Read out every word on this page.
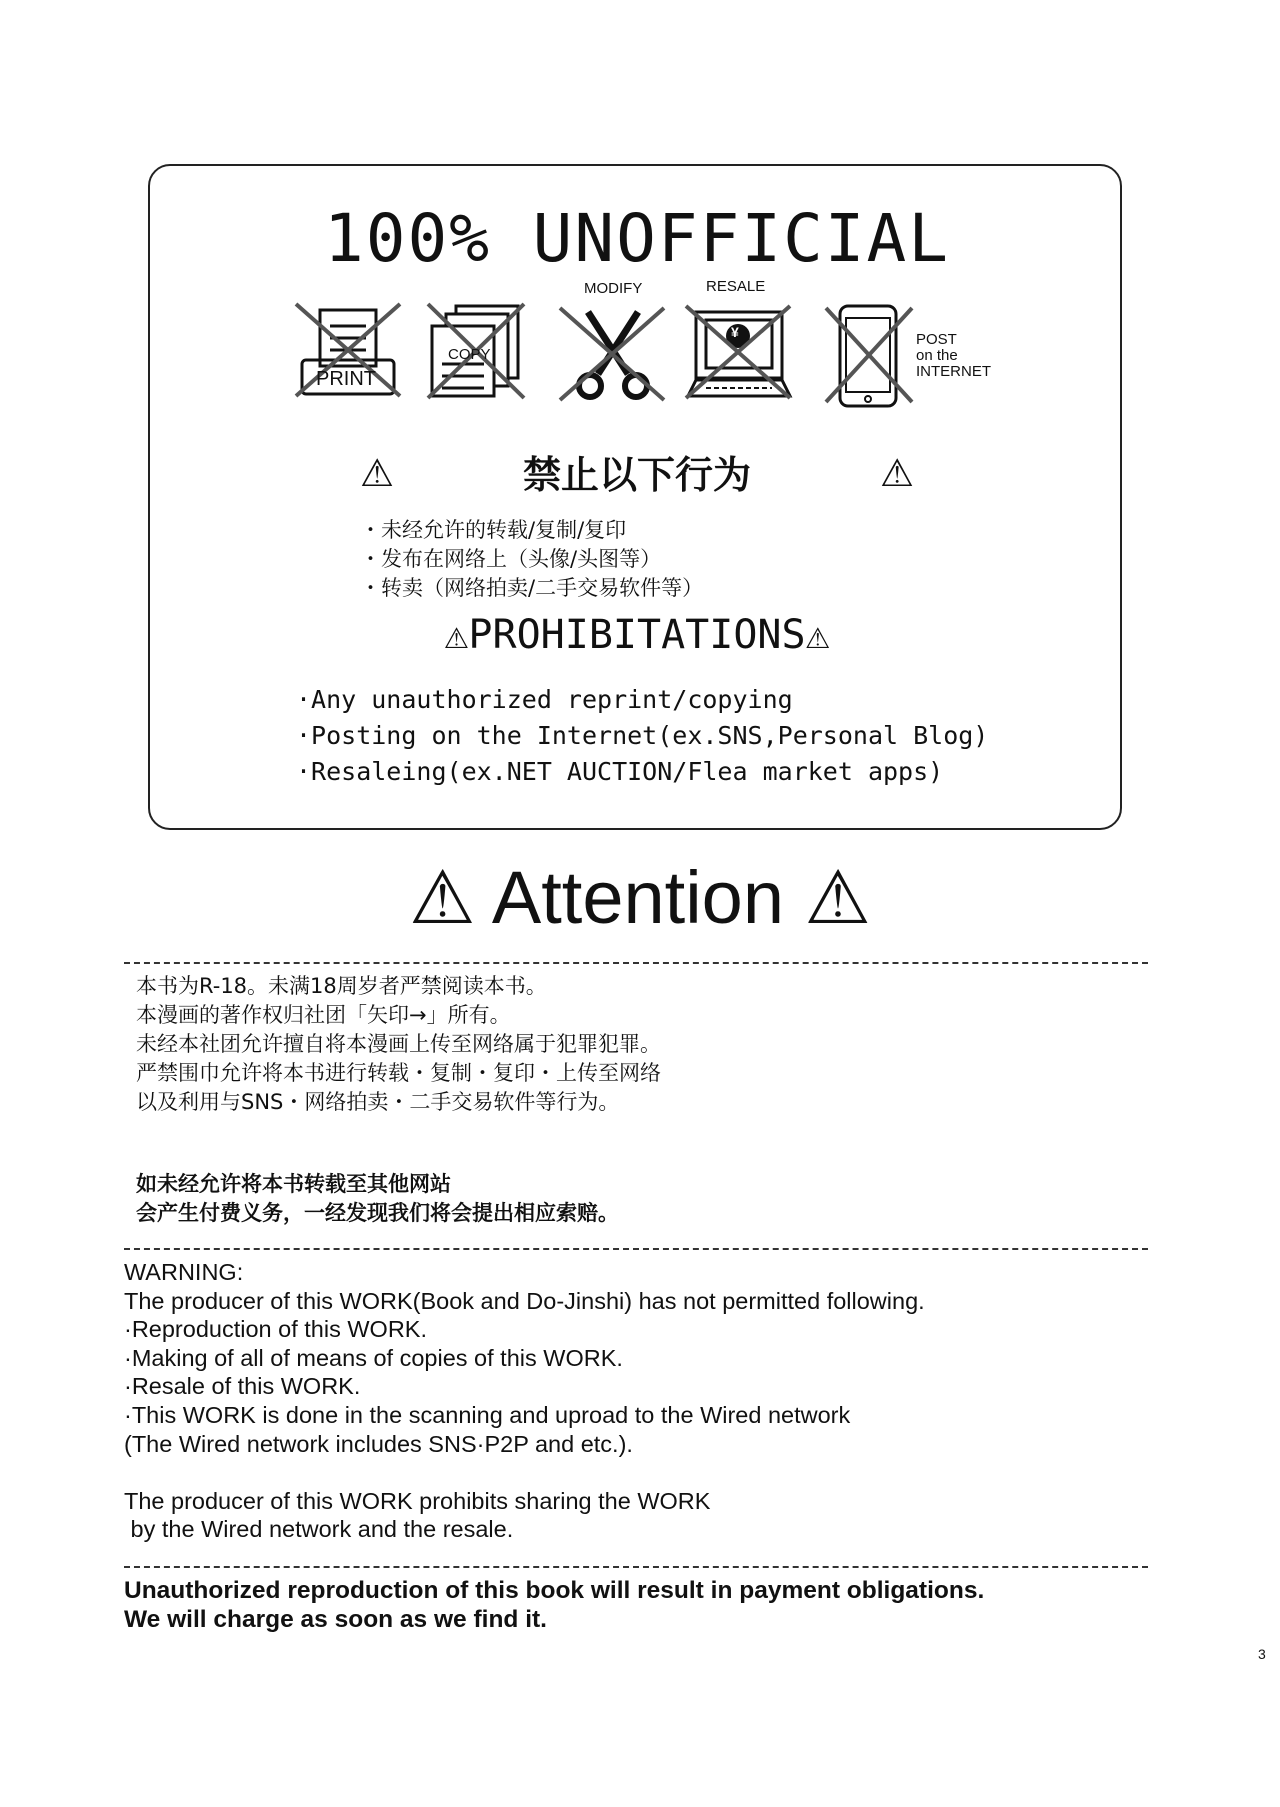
100% UNOFFICIAL
PRINT
COPY
MODIFY
¥
RESALE
POST
on the
INTERNET
⚠	禁止以下行为	⚠
・未经允许的转载/复制/复印
・发布在网络上（头像/头图等）
・转卖（网络拍卖/二手交易软件等）
⚠PROHIBITATIONS⚠
·Any unauthorized reprint/copying
·Posting on the Internet(ex.SNS,Personal Blog)
·Resaleing(ex.NET AUCTION/Flea market apps)
⚠ Attention ⚠
本书为R-18。未满18周岁者严禁阅读本书。
本漫画的著作权归社团「矢印→」所有。
未经本社团允许擅自将本漫画上传至网络属于犯罪犯罪。
严禁围巾允许将本书进行转载・复制・复印・上传至网络
以及利用与SNS・网络拍卖・二手交易软件等行为。
如未经允许将本书转载至其他网站
会产生付费义务，一经发现我们将会提出相应索赔。
WARNING:
The producer of this WORK(Book and Do-Jinshi) has not permitted following.
·Reproduction of this WORK.
·Making of all of means of copies of this WORK.
·Resale of this WORK.
·This WORK is done in the scanning and uproad to the Wired network
(The Wired network includes SNS·P2P and etc.).
The producer of this WORK prohibits sharing the WORK
by the Wired network and the resale.
Unauthorized reproduction of this book will result in payment obligations.
We will charge as soon as we find it.
3
